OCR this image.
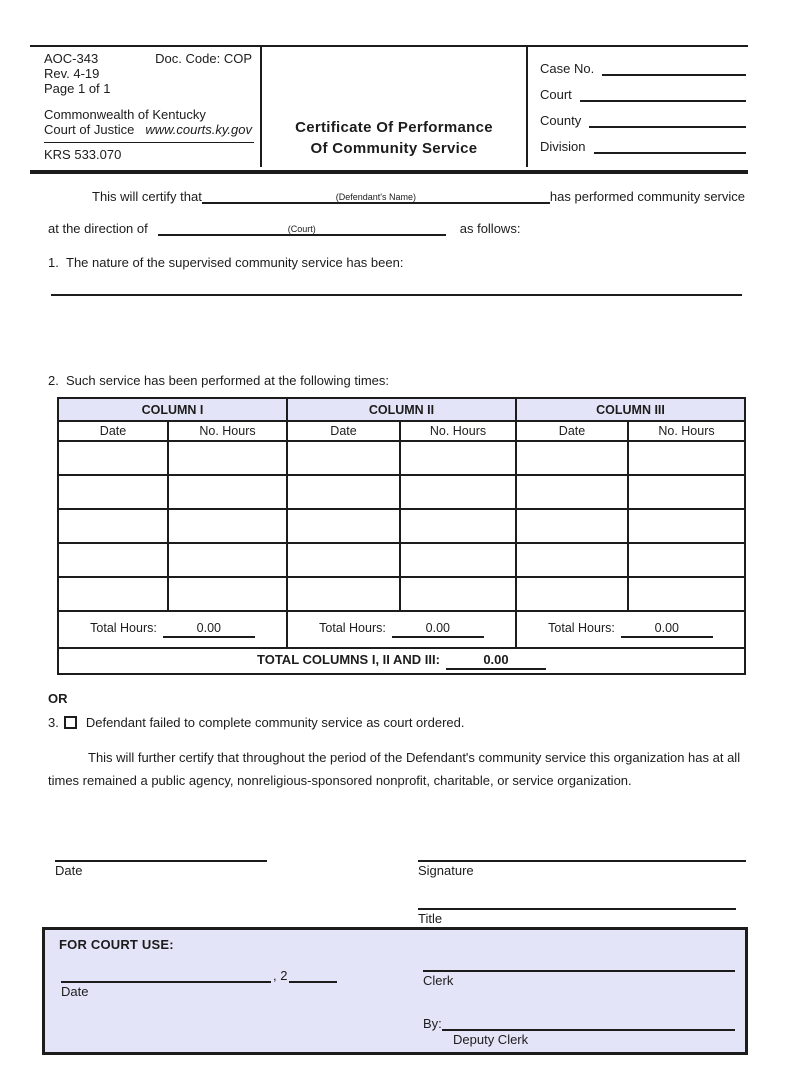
AOC-343	Doc. Code: COP
Rev. 4-19
Page 1 of 1
Commonwealth of Kentucky
Court of Justice www.courts.ky.gov
KRS 533.070
Certificate Of Performance
Of Community Service
Case No.
Court
County
Division
This will certify that	(Defendant's Name)	has performed community service
at the direction of	(Court)	as follows:
1. The nature of the supervised community service has been:
2. Such service has been performed at the following times:
COLUMN I		COLUMN II		COLUMN III	
Date	No. Hours	Date	No. Hours	Date	No. Hours

Total Hours: 0.00		Total Hours: 0.00		Total Hours: 0.00	
TOTAL COLUMNS I, II AND III: 0.00					
OR
3. Defendant failed to complete community service as court ordered.
This will further certify that throughout the period of the Defendant's community service this organization has at all times remained a public agency, nonreligious-sponsored nonprofit, charitable, or service organization.
Date	Signature
Title
FOR COURT USE:
, 2
Date
Clerk
By:
Deputy Clerk
